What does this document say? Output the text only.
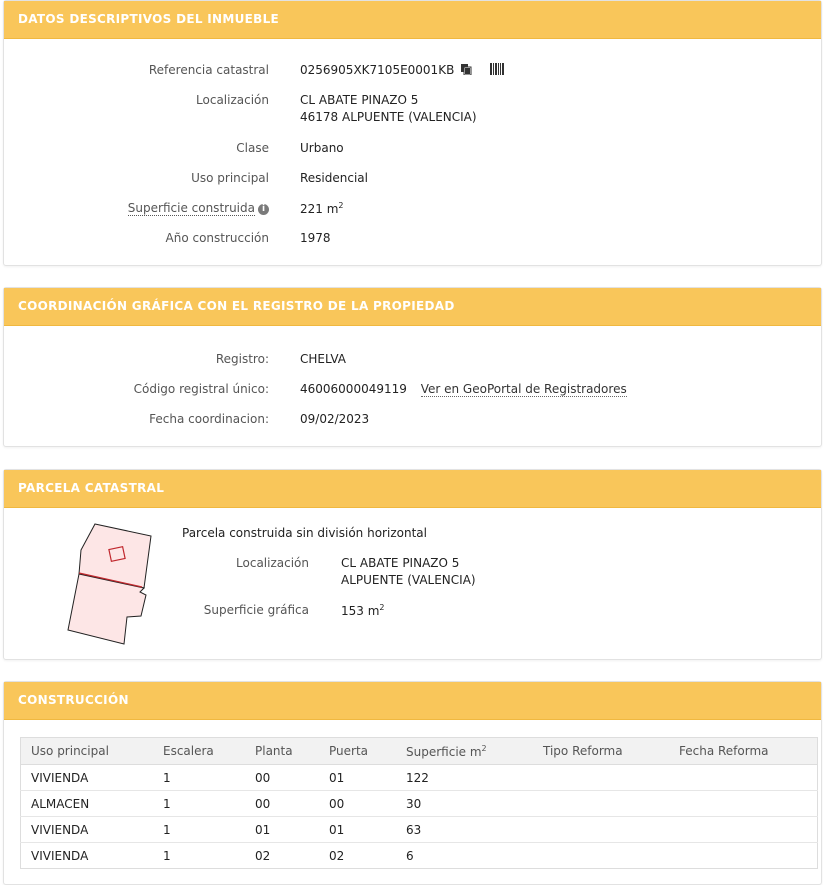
DATOS DESCRIPTIVOS DEL INMUEBLE
Referencia catastral	0256905XK7105E0001KB
Localización	CL ABATE PINAZO 5
46178 ALPUENTE (VALENCIA)
Clase	Urbano
Uso principal	Residencial
Superficie construida i	221 $m^2$
Año construcción	1978
COORDINACIÓN GRÁFICA CON EL REGISTRO DE LA PROPIEDAD
Registro:	CHELVA
Código registral único:	46006000049119 Ver en GeoPortal de Registradores
Fecha coordinacion:	09/02/2023
PARCELA CATASTRAL
Parcela construida sin división horizontal
Localización	CL ABATE PINAZO 5
ALPUENTE (VALENCIA)
Superficie gráfica	153 $m^2$
CONSTRUCCIÓN
Uso principal	Escalera	Planta	Puerta	Superficie $m^2$	Tipo Reforma	Fecha Reforma
VIVIENDA	1	00	01	122		
ALMACEN	1	00	00	30		
VIVIENDA	1	01	01	63		
VIVIENDA	1	02	02	6		
